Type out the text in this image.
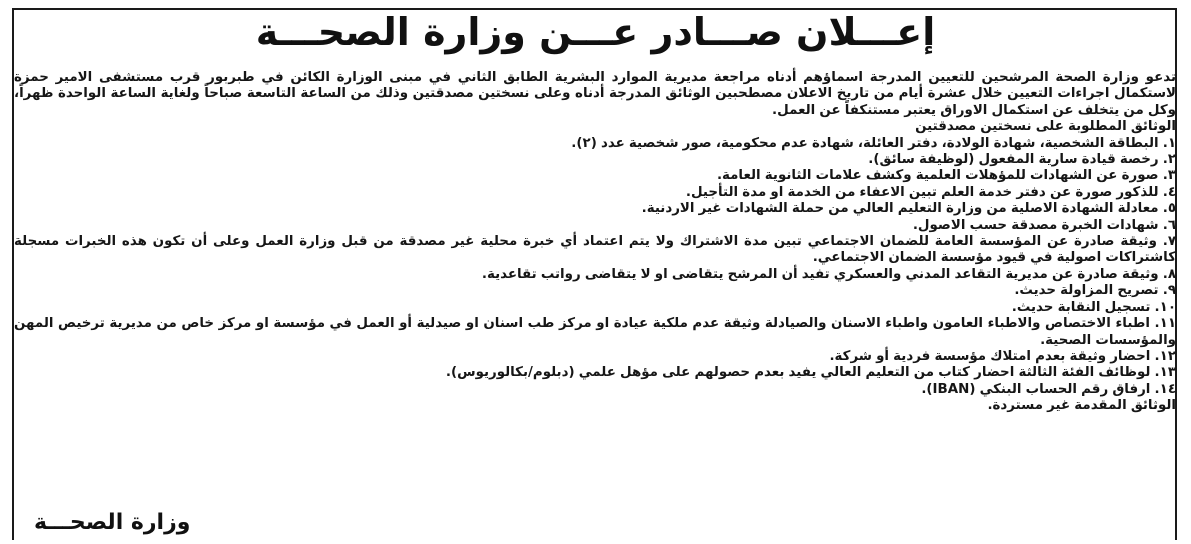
إعـــلان صـــادر عـــن وزارة الصحـــة

تدعو وزارة الصحة المرشحين للتعيين المدرجة اسماؤهم أدناه مراجعة مديرية الموارد البشرية الطابق الثاني في مبنى الوزارة الكائن في طبربور قرب مستشفى الامير حمزة لاستكمال اجراءات التعيين خلال عشرة أيام من تاريخ الاعلان مصطحبين الوثائق المدرجة أدناه وعلى نسختين مصدقتين وذلك من الساعة التاسعة صباحاً ولغاية الساعة الواحدة ظهراً، وكل من يتخلف عن استكمال الاوراق يعتبر مستنكفاً عن العمل.

الوثائق المطلوبة على نسختين مصدقتين

١. البطاقة الشخصية، شهادة الولادة، دفتر العائلة، شهادة عدم محكومية، صور شخصية عدد (٢).
٢. رخصة قيادة سارية المفعول (لوظيفة سائق).
٣. صورة عن الشهادات للمؤهلات العلمية وكشف علامات الثانوية العامة.
٤. للذكور صورة عن دفتر خدمة العلم تبين الاعفاء من الخدمة او مدة التأجيل.
٥. معادلة الشهادة الاصلية من وزارة التعليم العالي من حملة الشهادات غير الاردنية.
٦. شهادات الخبرة مصدقة حسب الاصول.
٧. وثيقة صادرة عن المؤسسة العامة للضمان الاجتماعي تبين مدة الاشتراك ولا يتم اعتماد أي خبرة محلية غير مصدقة من قبل وزارة العمل وعلى أن تكون هذه الخبرات مسجلة كاشتراكات اصولية في قيود مؤسسة الضمان الاجتماعي.
٨. وثيقة صادرة عن مديرية التقاعد المدني والعسكري تفيد أن المرشح يتقاضى او لا يتقاضى رواتب تقاعدية.
٩. تصريح المزاولة حديث.
١٠. تسجيل النقابة حديث.
١١. اطباء الاختصاص والاطباء العامون واطباء الاسنان والصيادلة وثيقة عدم ملكية عيادة او مركز طب اسنان او صيدلية أو العمل في مؤسسة او مركز خاص من مديرية ترخيص المهن والمؤسسات الصحية.
١٢. احضار وثيقة بعدم امتلاك مؤسسة فردية أو شركة.
١٣. لوظائف الفئة الثالثة احضار كتاب من التعليم العالي يفيد بعدم حصولهم على مؤهل علمي (دبلوم/بكالوريوس).
١٤. ارفاق رقم الحساب البنكي (IBAN).

الوثائق المقدمة غير مستردة.

وزارة الصحـــة
